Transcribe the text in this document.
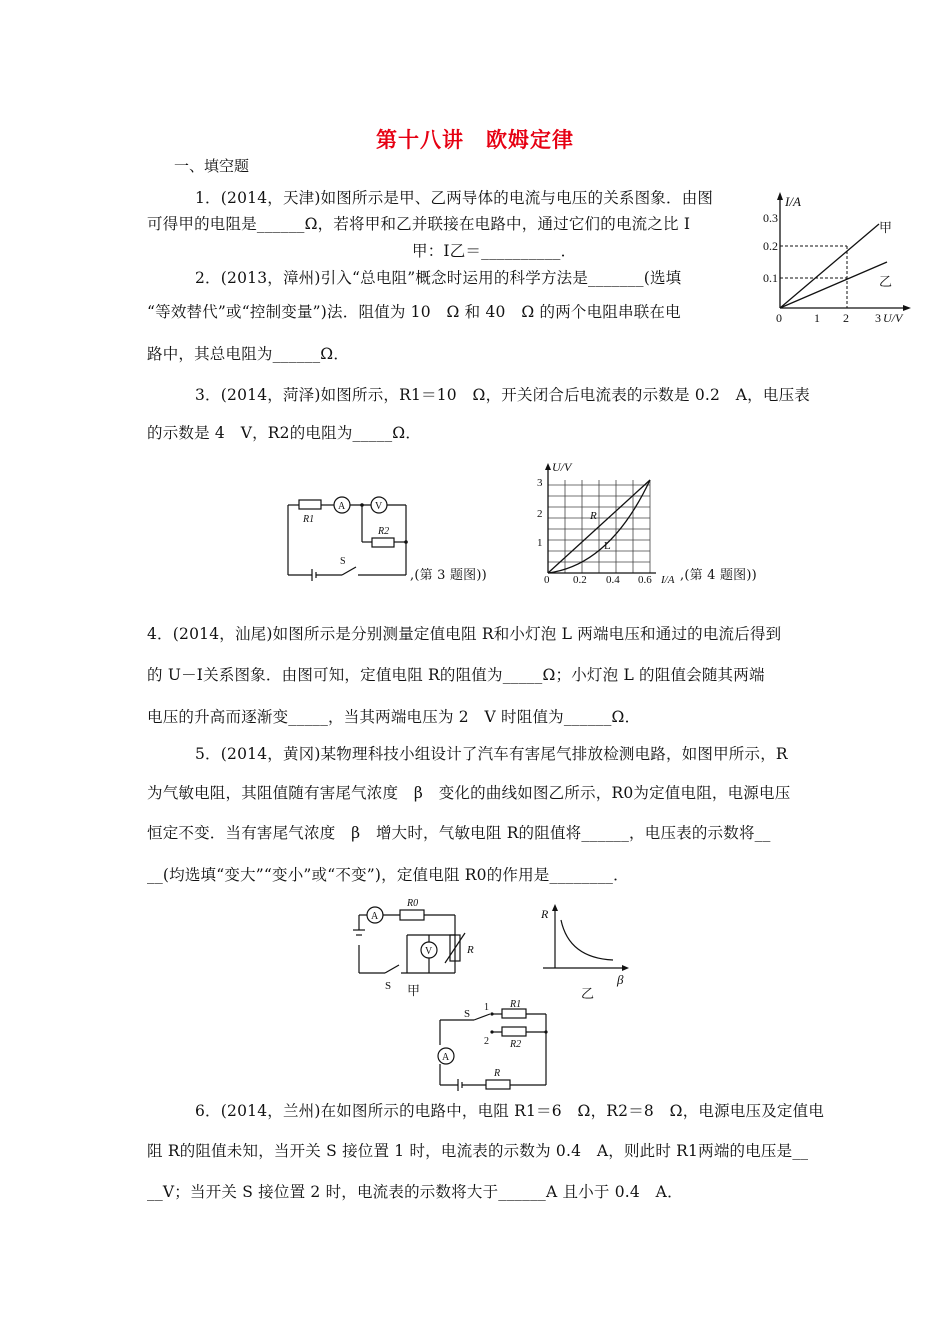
第十八讲　欧姆定律
一、填空题
1．(2014，天津)如图所示是甲、乙两导体的电流与电压的关系图象．由图
可得甲的电阻是______Ω，若将甲和乙并联接在电路中，通过它们的电流之比 I
甲：I乙＝__________．
2．(2013，漳州)引入“总电阻”概念时运用的科学方法是_______(选填
“等效替代”或“控制变量”)法．阻值为 10　Ω 和 40　Ω 的两个电阻串联在电
路中，其总电阻为______Ω．
I/A
0.3
0.2
0.1
0	1 2 3 U/V
甲
乙
3．(2014，菏泽)如图所示，R1＝10　Ω，开关闭合后电流表的示数是 0.2　A，电压表
的示数是 4　V，R2的电阻为_____Ω．
A	V
R1
R2
S
,(第 3 题图))
U/V
3
2
1
0 0.2 0.4 0.6 I/A
R
L
,(第 4 题图))
4．(2014，汕尾)如图所示是分别测量定值电阻 R和小灯泡 L 两端电压和通过的电流后得到
的 U－I关系图象．由图可知，定值电阻 R的阻值为_____Ω；小灯泡 L 的阻值会随其两端
电压的升高而逐渐变_____，当其两端电压为 2　V 时阻值为______Ω．
5．(2014，黄冈)某物理科技小组设计了汽车有害尾气排放检测电路，如图甲所示，R
为气敏电阻，其阻值随有害尾气浓度　β　变化的曲线如图乙所示，R0为定值电阻，电源电压
恒定不变．当有害尾气浓度　β　增大时，气敏电阻 R的阻值将______，电压表的示数将__
__(均选填“变大”“变小”或“不变”)，定值电阻 R0的作用是________．
A
V
R0
R
S 甲
R
β
乙
A
S
1
2
R1
R2
R
6．(2014，兰州)在如图所示的电路中，电阻 R1＝6　Ω，R2＝8　Ω，电源电压及定值电
阻 R的阻值未知，当开关 S 接位置 1 时，电流表的示数为 0.4　A，则此时 R1两端的电压是__
__V；当开关 S 接位置 2 时，电流表的示数将大于______A 且小于 0.4　A．
